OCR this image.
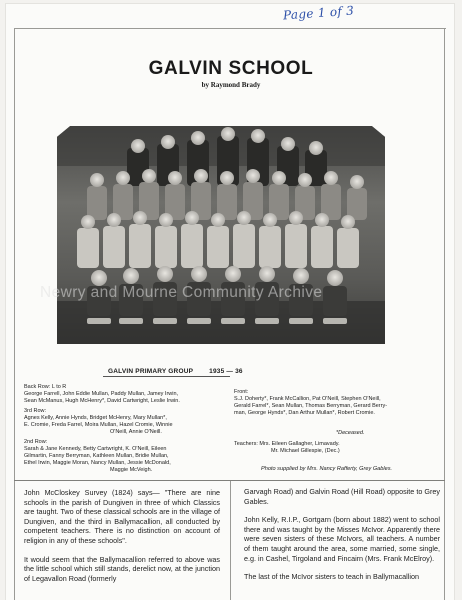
Page 1 of 3
GALVIN SCHOOL
by Raymond Brady
Newry and Mourne Community Archive
GALVIN PRIMARY GROUP 1935 — 36
Back Row: L to R
George Farrell, John Eddie Mullan, Paddy Mullan, Jamey Irwin,
Sean McManus, Hugh McHenry*, David Cartwright, Leslie Irwin.
3rd Row:
Agnes Kelly, Annie Hynds, Bridget McHenry, Mary Mullan*,
E. Cromie, Freda Farrel, Moira Mullan, Hazel Cromie, Winnie
O'Neill, Annie O'Neill.
2nd Row:
Sarah & Jane Kennedy, Betty Cartwright, K. O'Neill, Eileen
Gilmartin, Fanny Berryman, Kathleen Mullan, Bridie Mullan,
Ethel Irwin, Maggie Moran, Nancy Mullan, Jessie McDonald,
Maggie McVeigh.
Front:
S.J. Doherty*, Frank McCallion, Pat O'Neill, Stephen O'Neill,
Gerald Farrel*, Sean Mullan, Thomas Berryman, Gerard Berry-
man, George Hynds*, Dan Arthur Mullan*, Robert Cromie.
*Deceased.
Teachers: Mrs. Eileen Gallagher, Limavady.
Mr. Michael Gillespie, (Dec.)
Photo supplied by Mrs. Nancy Rafferty, Grey Gables.

John McCloskey Survey (1824) says— "There are nine schools in the parish of Dungiven in three of which Classics are taught. Two of these classical schools are in the village of Dungiven, and the third in Ballymacallion, all conducted by competent teachers. There is no distinction on account of religion in any of these schools".

It would seem that the Ballymacallion referred to above was the little school which still stands, derelict now, at the junction of Legavallon Road (formerly

Garvagh Road) and Galvin Road (Hill Road) opposite to Grey Gables.

John Kelly, R.I.P., Gortgarn (born about 1882) went to school there and was taught by the Misses McIvor. Apparently there were seven sisters of these McIvors, all teachers. A number of them taught around the area, some married, some single, e.g. in Cashel, Tirgoland and Fincairn (Mrs. Frank McElroy).

The last of the McIvor sisters to teach in Ballymacallion
